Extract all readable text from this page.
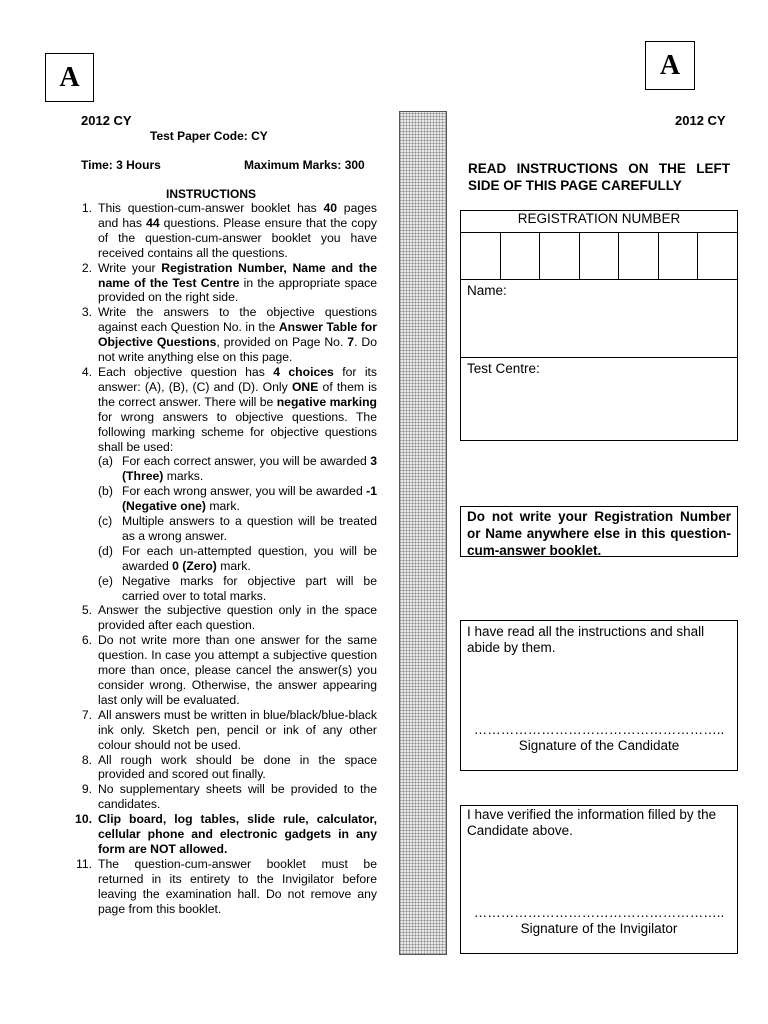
A
2012 CY
Test Paper Code: CY
Time: 3 Hours	Maximum Marks: 300
INSTRUCTIONS
1. This question-cum-answer booklet has 40 pages and has 44 questions. Please ensure that the copy of the question-cum-answer booklet you have received contains all the questions.
2. Write your Registration Number, Name and the name of the Test Centre in the appropriate space provided on the right side.
3. Write the answers to the objective questions against each Question No. in the Answer Table for Objective Questions, provided on Page No. 7. Do not write anything else on this page.
4. Each objective question has 4 choices for its answer: (A), (B), (C) and (D). Only ONE of them is the correct answer. There will be negative marking for wrong answers to objective questions. The following marking scheme for objective questions shall be used:
(a) For each correct answer, you will be awarded 3 (Three) marks.
(b) For each wrong answer, you will be awarded -1 (Negative one) mark.
(c) Multiple answers to a question will be treated as a wrong answer.
(d) For each un-attempted question, you will be awarded 0 (Zero) mark.
(e) Negative marks for objective part will be carried over to total marks.
5. Answer the subjective question only in the space provided after each question.
6. Do not write more than one answer for the same question. In case you attempt a subjective question more than once, please cancel the answer(s) you consider wrong. Otherwise, the answer appearing last only will be evaluated.
7. All answers must be written in blue/black/blue-black ink only. Sketch pen, pencil or ink of any other colour should not be used.
8. All rough work should be done in the space provided and scored out finally.
9. No supplementary sheets will be provided to the candidates.
10. Clip board, log tables, slide rule, calculator, cellular phone and electronic gadgets in any form are NOT allowed.
11. The question-cum-answer booklet must be returned in its entirety to the Invigilator before leaving the examination hall. Do not remove any page from this booklet.
A
2012 CY
READ INSTRUCTIONS ON THE LEFT SIDE OF THIS PAGE CAREFULLY
REGISTRATION NUMBER
Name:
Test Centre:
Do not write your Registration Number or Name anywhere else in this question-cum-answer booklet.
I have read all the instructions and shall abide by them.
………………………………………………..
Signature of the Candidate
I have verified the information filled by the Candidate above.
………………………………………………..
Signature of the Invigilator
